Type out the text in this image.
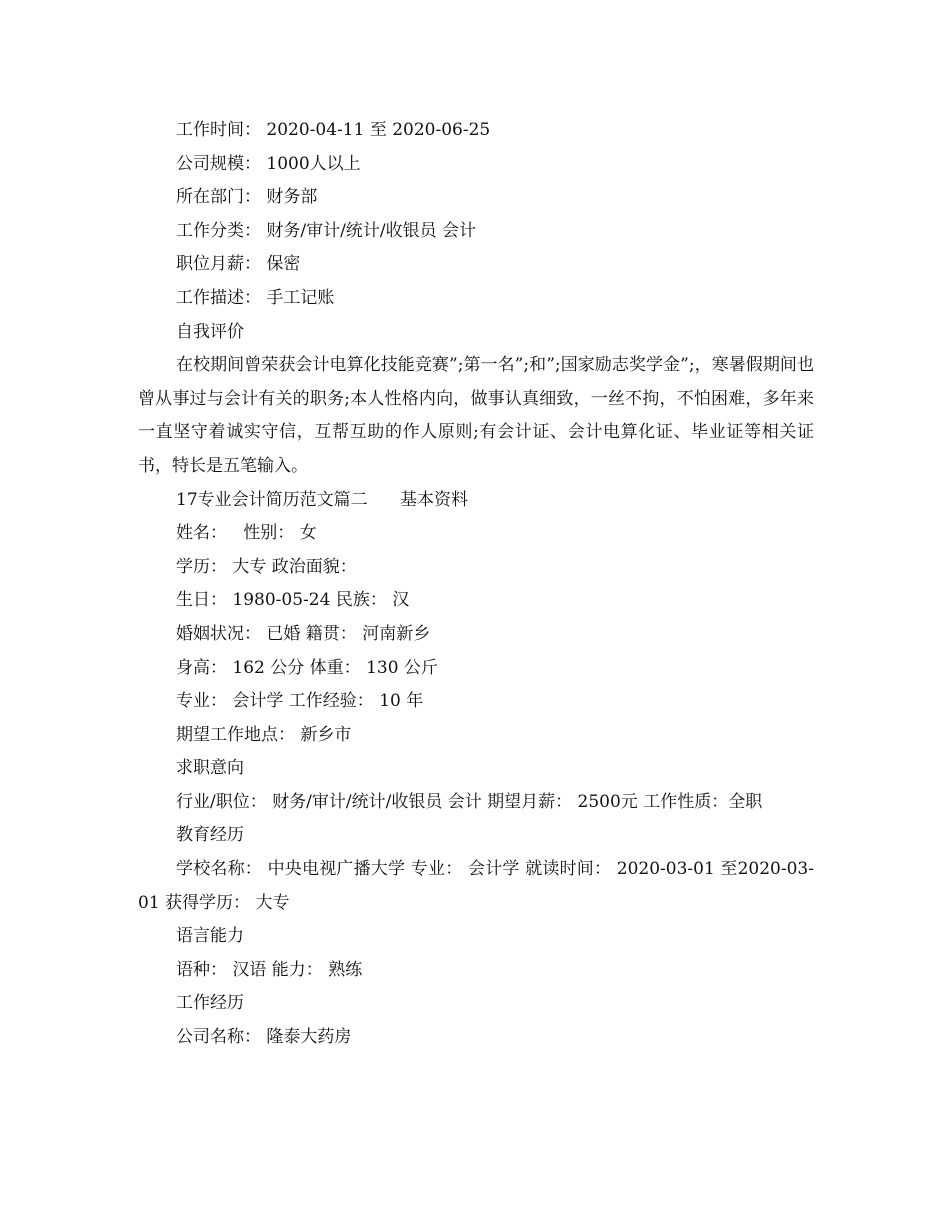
工作时间： 2020-04-11 至 2020-06-25
公司规模： 1000人以上
所在部门： 财务部
工作分类： 财务/审计/统计/收银员 会计
职位月薪： 保密
工作描述： 手工记账
自我评价

在校期间曾荣获会计电算化技能竞赛”;第一名”;和”;国家励志奖学金”;，寒暑假期间也曾从事过与会计有关的职务;本人性格内向，做事认真细致，一丝不拘，不怕困难，多年来一直坚守着诚实守信，互帮互助的作人原则;有会计证、会计电算化证、毕业证等相关证书，特长是五笔输入。

17专业会计简历范文篇二      基本资料
姓名：   性别： 女
学历： 大专 政治面貌：
生日： 1980-05-24 民族： 汉
婚姻状况： 已婚 籍贯： 河南新乡
身高： 162 公分 体重： 130 公斤
专业： 会计学 工作经验： 10 年
期望工作地点： 新乡市
求职意向

行业/职位： 财务/审计/统计/收银员 会计 期望月薪： 2500元 工作性质：全职

教育经历

学校名称： 中央电视广播大学 专业： 会计学 就读时间： 2020-03-01 至2020-03-01 获得学历： 大专

语言能力
语种： 汉语 能力： 熟练
工作经历
公司名称： 隆泰大药房
